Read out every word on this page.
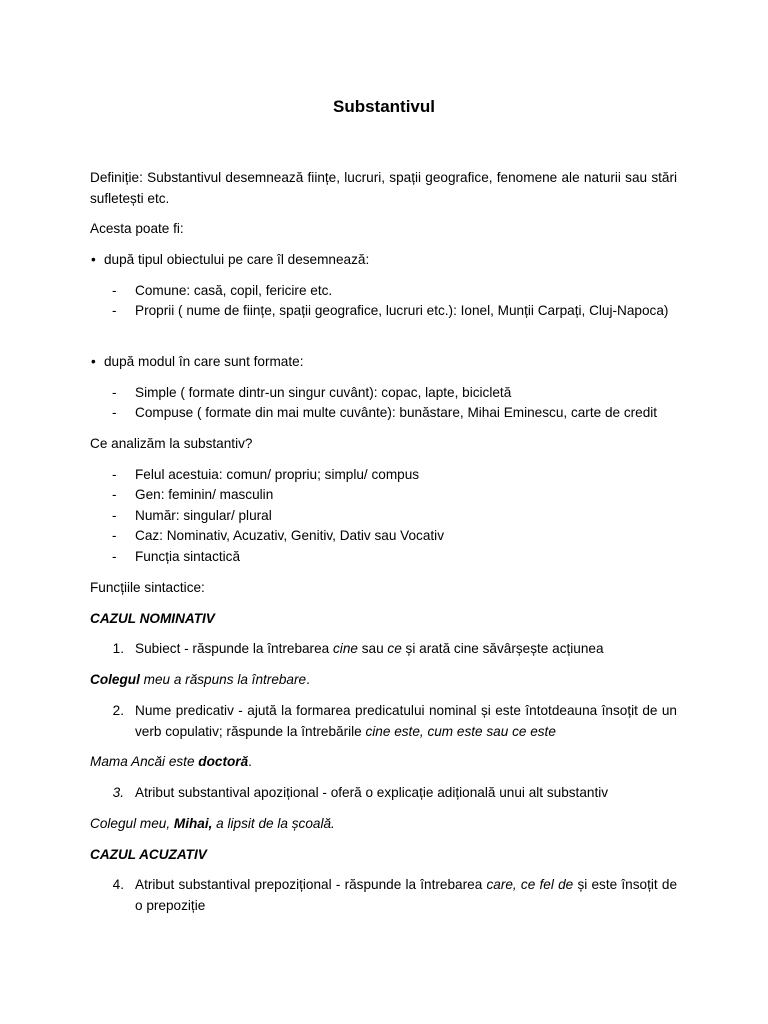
Substantivul

Definiție: Substantivul desemnează ființe, lucruri, spații geografice, fenomene ale naturii sau stări sufletești etc.

Acesta poate fi:

• după tipul obiectului pe care îl desemnează:
- Comune: casă, copil, fericire etc.

- Proprii ( nume de ființe, spații geografice, lucruri etc.): Ionel, Munții Carpați, Cluj-Napoca)

• după modul în care sunt formate:
- Simple ( formate dintr-un singur cuvânt): copac, lapte, bicicletă

- Compuse ( formate din mai multe cuvânte): bunăstare, Mihai Eminescu, carte de credit

Ce analizăm la substantiv?

- Felul acestuia: comun/ propriu; simplu/ compus

- Gen: feminin/ masculin

- Număr: singular/ plural

- Caz: Nominativ, Acuzativ, Genitiv, Dativ sau Vocativ

- Funcția sintactică

Funcțiile sintactice:

CAZUL NOMINATIV

1. Subiect - răspunde la întrebarea cine sau ce și arată cine săvârșește acțiunea

Colegul meu a răspuns la întrebare.

2. Nume predicativ - ajută la formarea predicatului nominal și este întotdeauna însoțit de un verb copulativ; răspunde la întrebările cine este, cum este sau ce este

Mama Ancăi este doctoră.

3. Atribut substantival apozițional - oferă o explicație adițională unui alt substantiv

Colegul meu, Mihai, a lipsit de la școală.

CAZUL ACUZATIV

4. Atribut substantival prepozițional - răspunde la întrebarea care, ce fel de și este însoțit de o prepoziție
